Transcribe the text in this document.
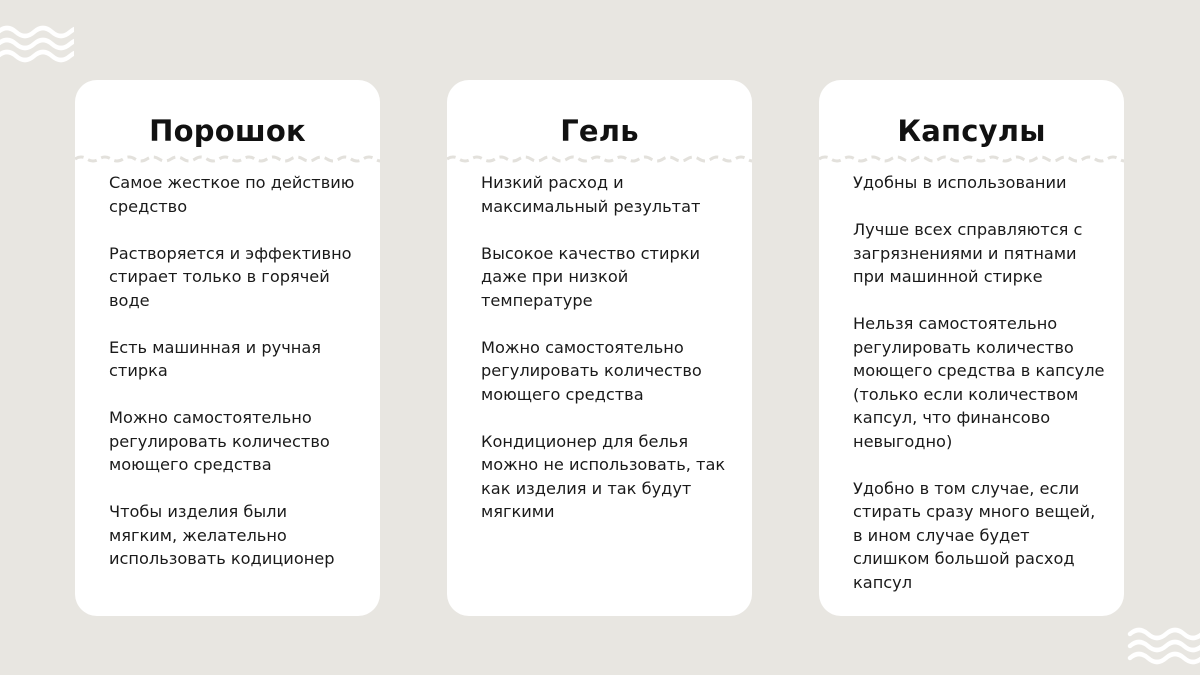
Порошок
Самое жесткое по действию
средство
Растворяется и эффективно
стирает только в горячей
воде
Есть машинная и ручная
стирка
Можно самостоятельно
регулировать количество
моющего средства
Чтобы изделия были
мягким, желательно
использовать кодиционер
Гель
Низкий расход и
максимальный результат
Высокое качество стирки
даже при низкой
температуре
Можно самостоятельно
регулировать количество
моющего средства
Кондиционер для белья
можно не использовать, так
как изделия и так будут
мягкими
Капсулы
Удобны в использовании
Лучше всех справляются с
загрязнениями и пятнами
при машинной стирке
Нельзя самостоятельно
регулировать количество
моющего средства в капсуле
(только если количеством
капсул, что финансово
невыгодно)
Удобно в том случае, если
стирать сразу много вещей,
в ином случае будет
слишком большой расход
капсул
